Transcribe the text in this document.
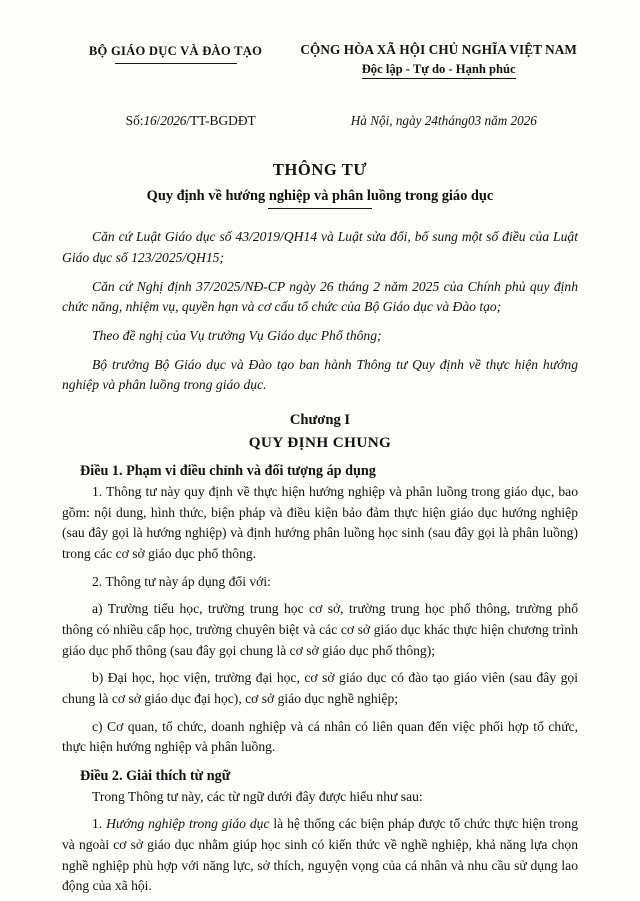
BỘ GIÁO DỤC VÀ ĐÀO TẠO	CỘNG HÒA XÃ HỘI CHỦ NGHĨA VIỆT NAM
Độc lập - Tự do - Hạnh phúc
Số:16/2026/TT-BGDĐT	Hà Nội, ngày 24tháng03 năm 2026
THÔNG TƯ
Quy định về hướng nghiệp và phân luồng trong giáo dục

Căn cứ Luật Giáo dục số 43/2019/QH14 và Luật sửa đổi, bổ sung một số điều của Luật Giáo dục số 123/2025/QH15;

Căn cứ Nghị định 37/2025/NĐ-CP ngày 26 tháng 2 năm 2025 của Chính phủ quy định chức năng, nhiệm vụ, quyền hạn và cơ cấu tổ chức của Bộ Giáo dục và Đào tạo;

Theo đề nghị của Vụ trưởng Vụ Giáo dục Phổ thông;

Bộ trưởng Bộ Giáo dục và Đào tạo ban hành Thông tư Quy định về thực hiện hướng nghiệp và phân luồng trong giáo dục.

Chương I
QUY ĐỊNH CHUNG

Điều 1. Phạm vi điều chỉnh và đối tượng áp dụng

1. Thông tư này quy định về thực hiện hướng nghiệp và phân luồng trong giáo dục, bao gồm: nội dung, hình thức, biện pháp và điều kiện bảo đảm thực hiện giáo dục hướng nghiệp (sau đây gọi là hướng nghiệp) và định hướng phân luồng học sinh (sau đây gọi là phân luồng) trong các cơ sở giáo dục phổ thông.

2. Thông tư này áp dụng đối với:

a) Trường tiểu học, trường trung học cơ sở, trường trung học phổ thông, trường phổ thông có nhiều cấp học, trường chuyên biệt và các cơ sở giáo dục khác thực hiện chương trình giáo dục phổ thông (sau đây gọi chung là cơ sở giáo dục phổ thông);

b) Đại học, học viện, trường đại học, cơ sở giáo dục có đào tạo giáo viên (sau đây gọi chung là cơ sở giáo dục đại học), cơ sở giáo dục nghề nghiệp;

c) Cơ quan, tổ chức, doanh nghiệp và cá nhân có liên quan đến việc phối hợp tổ chức, thực hiện hướng nghiệp và phân luồng.

Điều 2. Giải thích từ ngữ

Trong Thông tư này, các từ ngữ dưới đây được hiểu như sau:

1. Hướng nghiệp trong giáo dục là hệ thống các biện pháp được tổ chức thực hiện trong và ngoài cơ sở giáo dục nhằm giúp học sinh có kiến thức về nghề nghiệp, khả năng lựa chọn nghề nghiệp phù hợp với năng lực, sở thích, nguyện vọng của cá nhân và nhu cầu sử dụng lao động của xã hội.
